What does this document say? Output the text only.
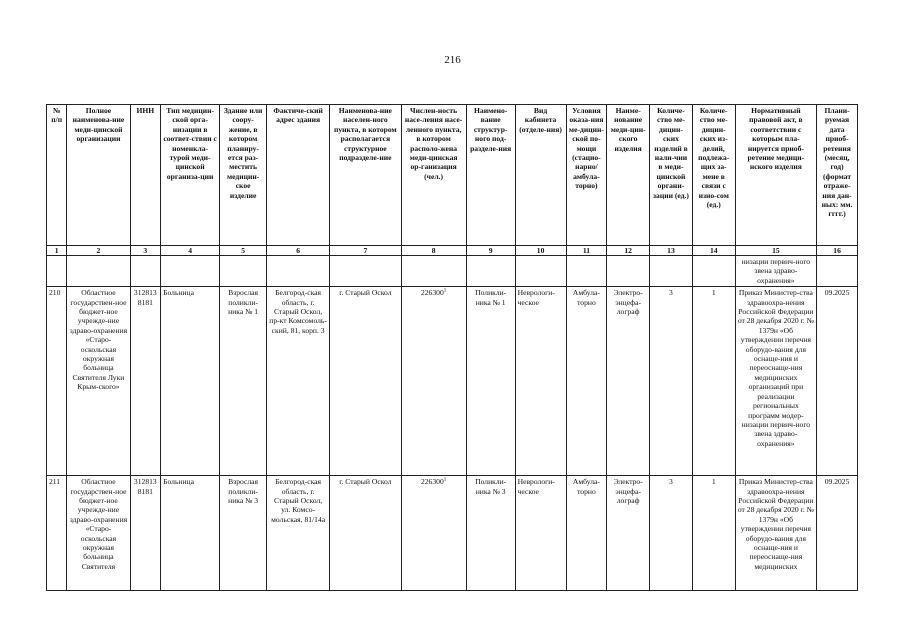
216
№ п/п	Полное наименова-ние меди-цинской организации	ИНН	Тип медицин-ской орга-низации в соответ-ствии с номенкла-турой меди-цинской организа-ции	Здание или соору-жение, в котором планиру-ется раз-местить медицин-ское изделие	Фактиче-ский адрес здания	Наименова-ние населен-ного пункта, в котором располагается структурное подразделе-ние	Числен-ность насе-ления насе-ленного пункта, в котором располо-жена меди-цинская ор-ганизация (чел.)	Наимено-вание структур-ного под-разделе-ния	Вид кабинета (отделе-ния)	Условия оказа-ния ме-дицин-ской по-мощи (стацио-нарно/ амбула-торно)	Наиме-нование меди-цин-ского изделия	Количе-ство ме-дицин-ских изделий в нали-чии в меди-цинской органи-зации (ед.)	Количе-ство ме-дицин-ских из-делий, подлежа-щих за-мене в связи с изно-сом (ед.)	Нормативный правовой акт, в соответствии с которым пла-нируется приоб-ретение медици-нского изделия	Плани-руемая дата приоб-ретения (месяц, год) (формат отраже-ния дан-ных: мм. гггг.)
1	2	3	4	5	6	7	8	9	10	11	12	13	14	15	16
														низации первич-ного звена здраво-охранения»	
210	Областное государствен-ное бюджет-ное учрежде-ние здраво-охранения «Старо-оскольская окружная больница Святителя Луки Крым-ского»	312813 8181	Больница	Взрослая поликли-ника № 1	Белгород-ская область, г. Старый Оскол, пр-кт Комсомоль-ский, 81, корп. 3	г. Старый Оскол	226300$^1$	Поликли-ника № 1	Неврологи-ческое	Амбула-торно	Электро-энцефа-лограф	3	1	Приказ Министер-ства здравоохра-нения Российской Федерации от 28 декабря 2020 г. № 1379н «Об утверждении перечня оборудо-вания для оснаще-ния и переоснаще-ния медицинских организаций при реализации региональных программ модер-низации первич-ного звена здраво-охранения»	09.2025
211	Областное государствен-ное бюджет-ное учрежде-ние здраво-охранения «Старо-оскольская окружная больница Святителя	312813 8181	Больница	Взрослая поликли-ника № 3	Белгород-ская область, г. Старый Оскол, ул. Комсо-мольская, 81/14а	г. Старый Оскол	226300$^1$	Поликли-ника № 3	Неврологи-ческое	Амбула-торно	Электро-энцефа-лограф	3	1	Приказ Министер-ства здравоохра-нения Российской Федерации от 28 декабря 2020 г. № 1379н «Об утверждении перечня оборудо-вания для оснаще-ния и переоснаще-ния медицинских	09.2025
